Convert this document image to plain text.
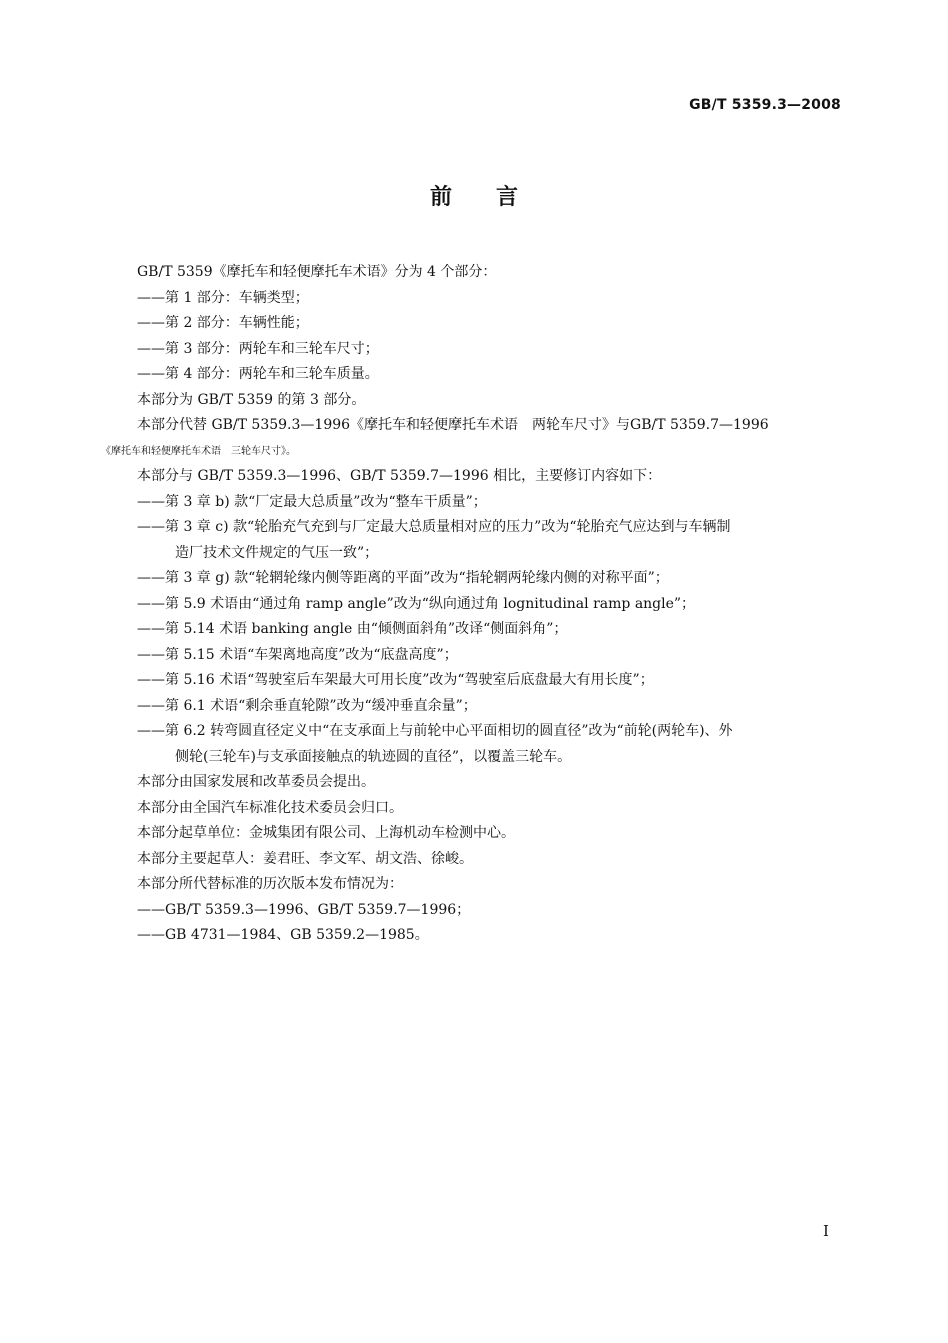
GB/T 5359.3—2008
前言
GB/T 5359《摩托车和轻便摩托车术语》分为 4 个部分：
——第 1 部分：车辆类型；
——第 2 部分：车辆性能；
——第 3 部分：两轮车和三轮车尺寸；
——第 4 部分：两轮车和三轮车质量。
本部分为 GB/T 5359 的第 3 部分。
本部分代替 GB/T 5359.3—1996《摩托车和轻便摩托车术语　两轮车尺寸》与GB/T 5359.7—1996
《摩托车和轻便摩托车术语　三轮车尺寸》。
本部分与 GB/T 5359.3—1996、GB/T 5359.7—1996 相比，主要修订内容如下：
——第 3 章 b) 款“厂定最大总质量”改为“整车干质量”；
——第 3 章 c) 款“轮胎充气充到与厂定最大总质量相对应的压力”改为“轮胎充气应达到与车辆制
造厂技术文件规定的气压一致”；
——第 3 章 g) 款“轮辋轮缘内侧等距离的平面”改为“指轮辋两轮缘内侧的对称平面”；
——第 5.9 术语由“通过角 ramp angle”改为“纵向通过角 lognitudinal ramp angle”；
——第 5.14 术语 banking angle 由“倾侧面斜角”改译“侧面斜角”；
——第 5.15 术语“车架离地高度”改为“底盘高度”；
——第 5.16 术语“驾驶室后车架最大可用长度”改为“驾驶室后底盘最大有用长度”；
——第 6.1 术语“剩余垂直轮隙”改为“缓冲垂直余量”；
——第 6.2 转弯圆直径定义中“在支承面上与前轮中心平面相切的圆直径”改为“前轮(两轮车)、外
侧轮(三轮车)与支承面接触点的轨迹圆的直径”，以覆盖三轮车。
本部分由国家发展和改革委员会提出。
本部分由全国汽车标准化技术委员会归口。
本部分起草单位：金城集团有限公司、上海机动车检测中心。
本部分主要起草人：姜君旺、李文军、胡文浩、徐峻。
本部分所代替标准的历次版本发布情况为：
——GB/T 5359.3—1996、GB/T 5359.7—1996；
——GB 4731—1984、GB 5359.2—1985。
I
